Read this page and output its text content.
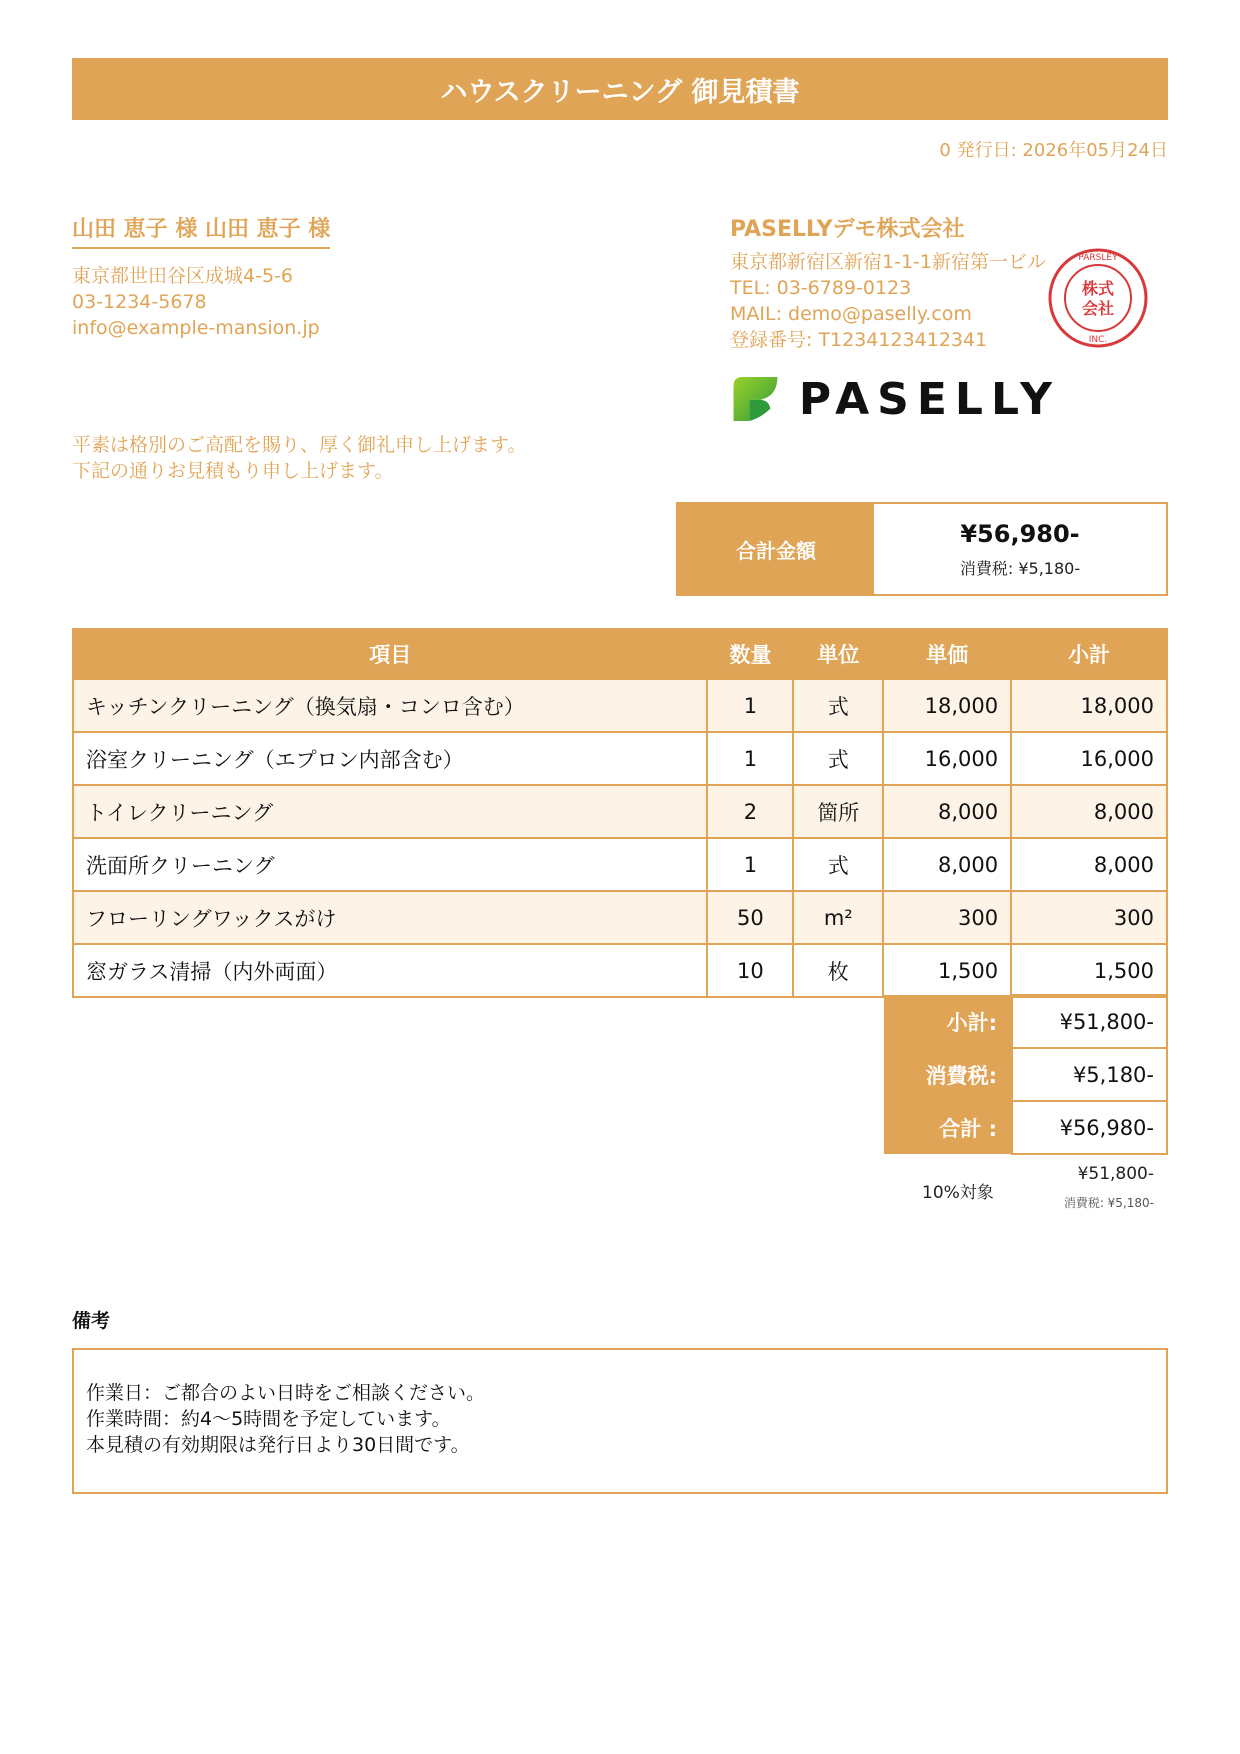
ハウスクリーニング 御見積書
0 発行日: 2026年05月24日
山田 恵子 様 山田 恵子 様
東京都世田谷区成城4-5-6
03-1234-5678
info@example-mansion.jp
PASELLYデモ株式会社
東京都新宿区新宿1-1-1新宿第一ビル
TEL: 03-6789-0123
MAIL: demo@paselly.com
登録番号: T1234123412341
株式
会社
PARSLEY
INC.
PASELLY
平素は格別のご高配を賜り、厚く御礼申し上げます。
下記の通りお見積もり申し上げます。
合計金額
¥56,980-
消費税: ¥5,180-
項目	数量	単位	単価	小計
キッチンクリーニング（換気扇・コンロ含む）	1	式	18,000	18,000
浴室クリーニング（エプロン内部含む）	1	式	16,000	16,000
トイレクリーニング	2	箇所	8,000	8,000
洗面所クリーニング	1	式	8,000	8,000
フローリングワックスがけ	50	m²	300	300
窓ガラス清掃（内外両面）	10	枚	1,500	1,500
小計:	¥51,800-
消費税:	¥5,180-
合計 :	¥56,980-
10%対象
¥51,800-
消費税: ¥5,180-
備考
作業日：ご都合のよい日時をご相談ください。
作業時間：約4〜5時間を予定しています。
本見積の有効期限は発行日より30日間です。
